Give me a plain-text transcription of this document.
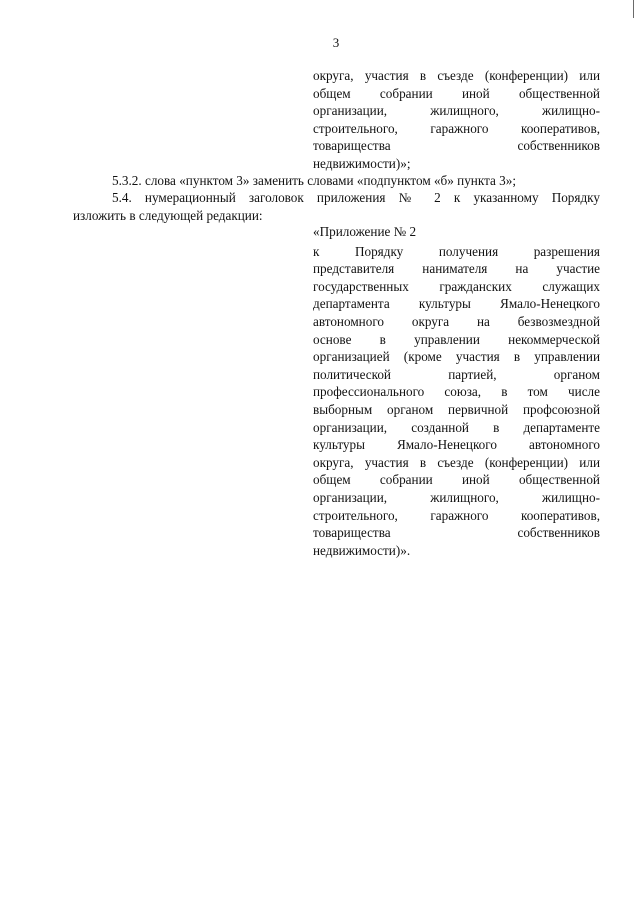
3
округа, участия в съезде (конференции) или
общем собрании иной общественной
организации, жилищного, жилищно-
строительного, гаражного кооперативов,
товарищества собственников
недвижимости)»;
5.3.2. слова «пунктом 3» заменить словами «подпунктом «б» пункта 3»;
5.4. нумерационный заголовок приложения № 2 к указанному Порядку
изложить в следующей редакции:
«Приложение № 2
к Порядку получения разрешения
представителя нанимателя на участие
государственных гражданских служащих
департамента культуры Ямало-Ненецкого
автономного округа на безвозмездной
основе в управлении некоммерческой
организацией (кроме участия в управлении
политической партией, органом
профессионального союза, в том числе
выборным органом первичной профсоюзной
организации, созданной в департаменте
культуры Ямало-Ненецкого автономного
округа, участия в съезде (конференции) или
общем собрании иной общественной
организации, жилищного, жилищно-
строительного, гаражного кооперативов,
товарищества собственников
недвижимости)».
